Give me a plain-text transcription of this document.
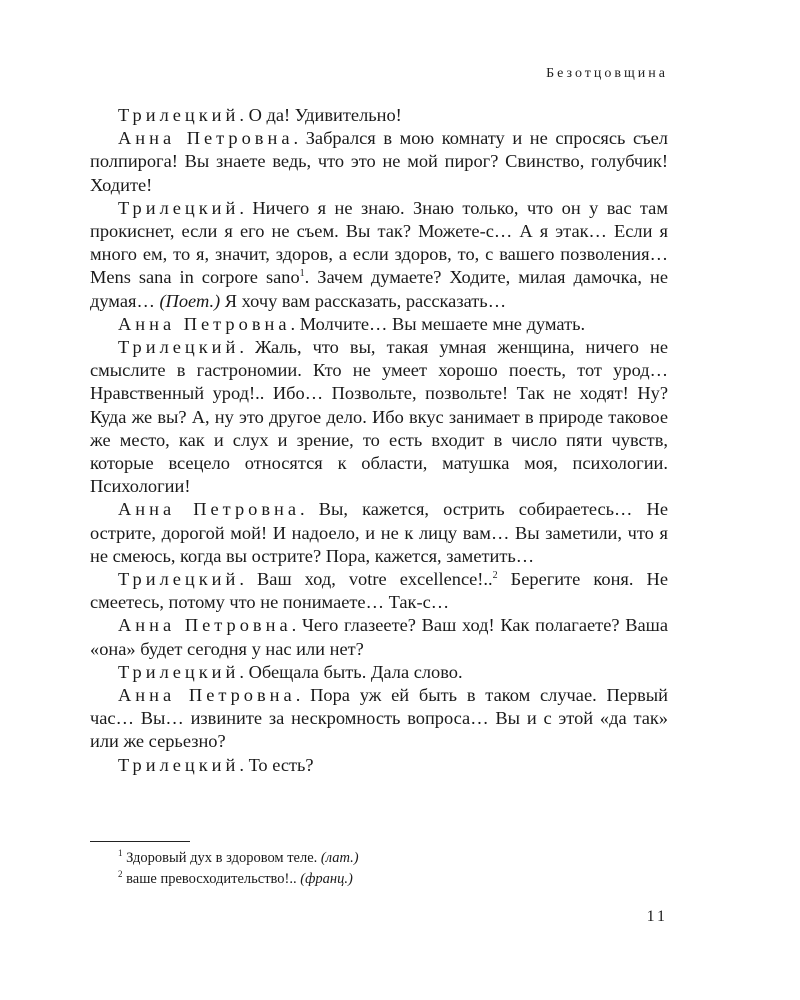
Безотцовщина

Трилецкий. О да! Удивительно!

Анна Петровна. Забрался в мою комнату и не спросясь съел полпирога! Вы знаете ведь, что это не мой пирог? Свинство, голубчик! Ходите!

Трилецкий. Ничего я не знаю. Знаю только, что он у вас там прокиснет, если я его не съем. Вы так? Можете-с… А я этак… Если я много ем, то я, значит, здоров, а если здоров, то, с вашего позволения… Mens sana in corpore sano$^1$. Зачем думаете? Ходите, милая дамочка, не думая… (Поет.) Я хочу вам рассказать, рассказать…

Анна Петровна. Молчите… Вы мешаете мне думать.

Трилецкий. Жаль, что вы, такая умная женщина, ничего не смыслите в гастрономии. Кто не умеет хорошо поесть, тот урод… Нравственный урод!.. Ибо… Позвольте, позвольте! Так не ходят! Ну? Куда же вы? А, ну это другое дело. Ибо вкус занимает в природе таковое же место, как и слух и зрение, то есть входит в число пяти чувств, которые всецело относятся к области, матушка моя, психологии. Психологии!

Анна Петровна. Вы, кажется, острить собираетесь… Не острите, дорогой мой! И надоело, и не к лицу вам… Вы заметили, что я не смеюсь, когда вы острите? Пора, кажется, заметить…

Трилецкий. Ваш ход, votre excellence!..$^2$ Берегите коня. Не смеетесь, потому что не понимаете… Так-с…

Анна Петровна. Чего глазеете? Ваш ход! Как полагаете? Ваша «она» будет сегодня у нас или нет?

Трилецкий. Обещала быть. Дала слово.

Анна Петровна. Пора уж ей быть в таком случае. Первый час… Вы… извините за нескромность вопроса… Вы и с этой «да так» или же серьезно?

Трилецкий. То есть?

$^1$ Здоровый дух в здоровом теле. (лат.)
$^2$ ваше превосходительство!.. (франц.)
11
